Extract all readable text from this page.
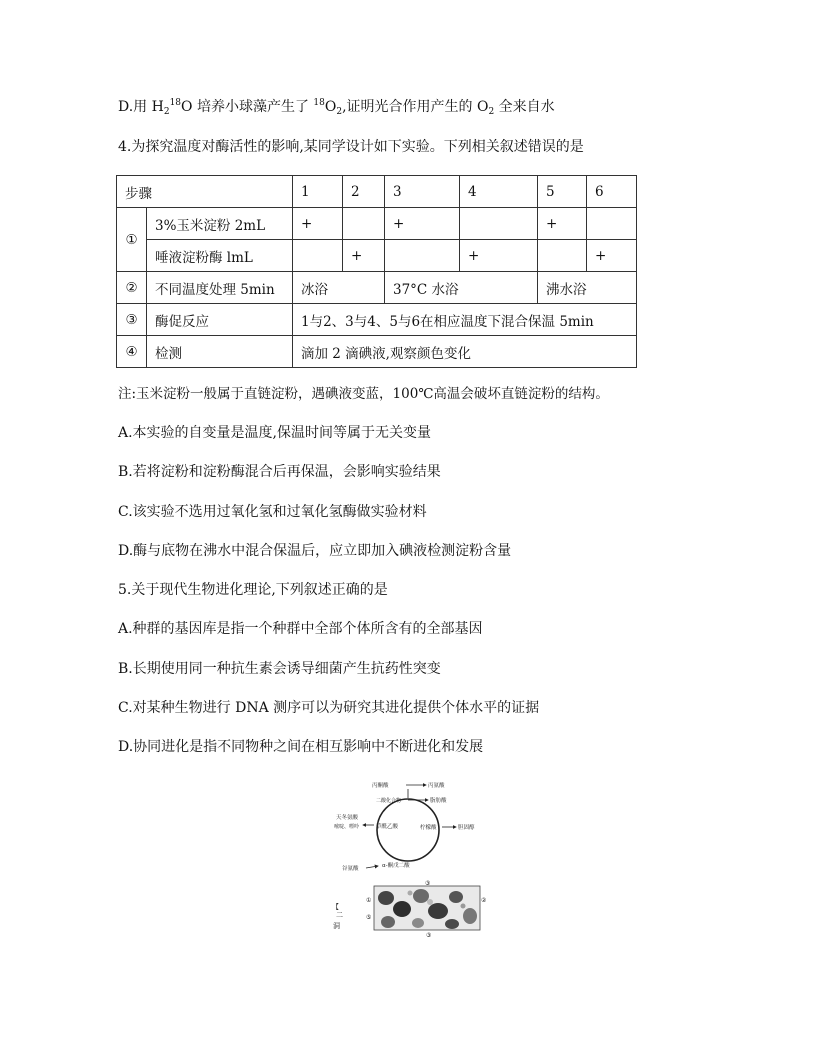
D.用 $H_2^{18}O$ 培养小球藻产生了 $^{18}O_2$,证明光合作用产生的 $O_2$ 全来自水
4.为探究温度对酶活性的影响,某同学设计如下实验。下列相关叙述错误的是
步骤		1	2	3	4	5	6
①	3%玉米淀粉 2mL	+		+		+	
	唾液淀粉酶 lmL		+		+		+
②	不同温度处理 5min	冰浴		37°C 水浴		沸水浴	
③	酶促反应	1与2、3与4、5与6在相应温度下混合保温 5min					
④	检测	滴加 2 滴碘液,观察颜色变化					
注:玉米淀粉一般属于直链淀粉，遇碘液变蓝，100℃高温会破坏直链淀粉的结构。
A.本实验的自变量是温度,保温时间等属于无关变量
B.若将淀粉和淀粉酶混合后再保温，会影响实验结果
C.该实验不选用过氧化氢和过氧化氢酶做实验材料
D.酶与底物在沸水中混合保温后，应立即加入碘液检测淀粉含量
5.关于现代生物进化理论,下列叙述正确的是
A.种群的基因库是指一个种群中全部个体所含有的全部基因
B.长期使用同一种抗生素会诱导细菌产生抗药性突变
C.对某种生物进行 DNA 测序可以为研究其进化提供个体水平的证据
D.协同进化是指不同物种之间在相互影响中不断进化和发展
丙酮酸	丙氨酸
二酸化合物	脂肪酸
天冬氨酸
嘧啶、嘌呤	草酰乙酸	柠檬酸	胆固醇
谷氨酸	α-酮戊二酸
③
①
⑤
②
③
【
二
洞
